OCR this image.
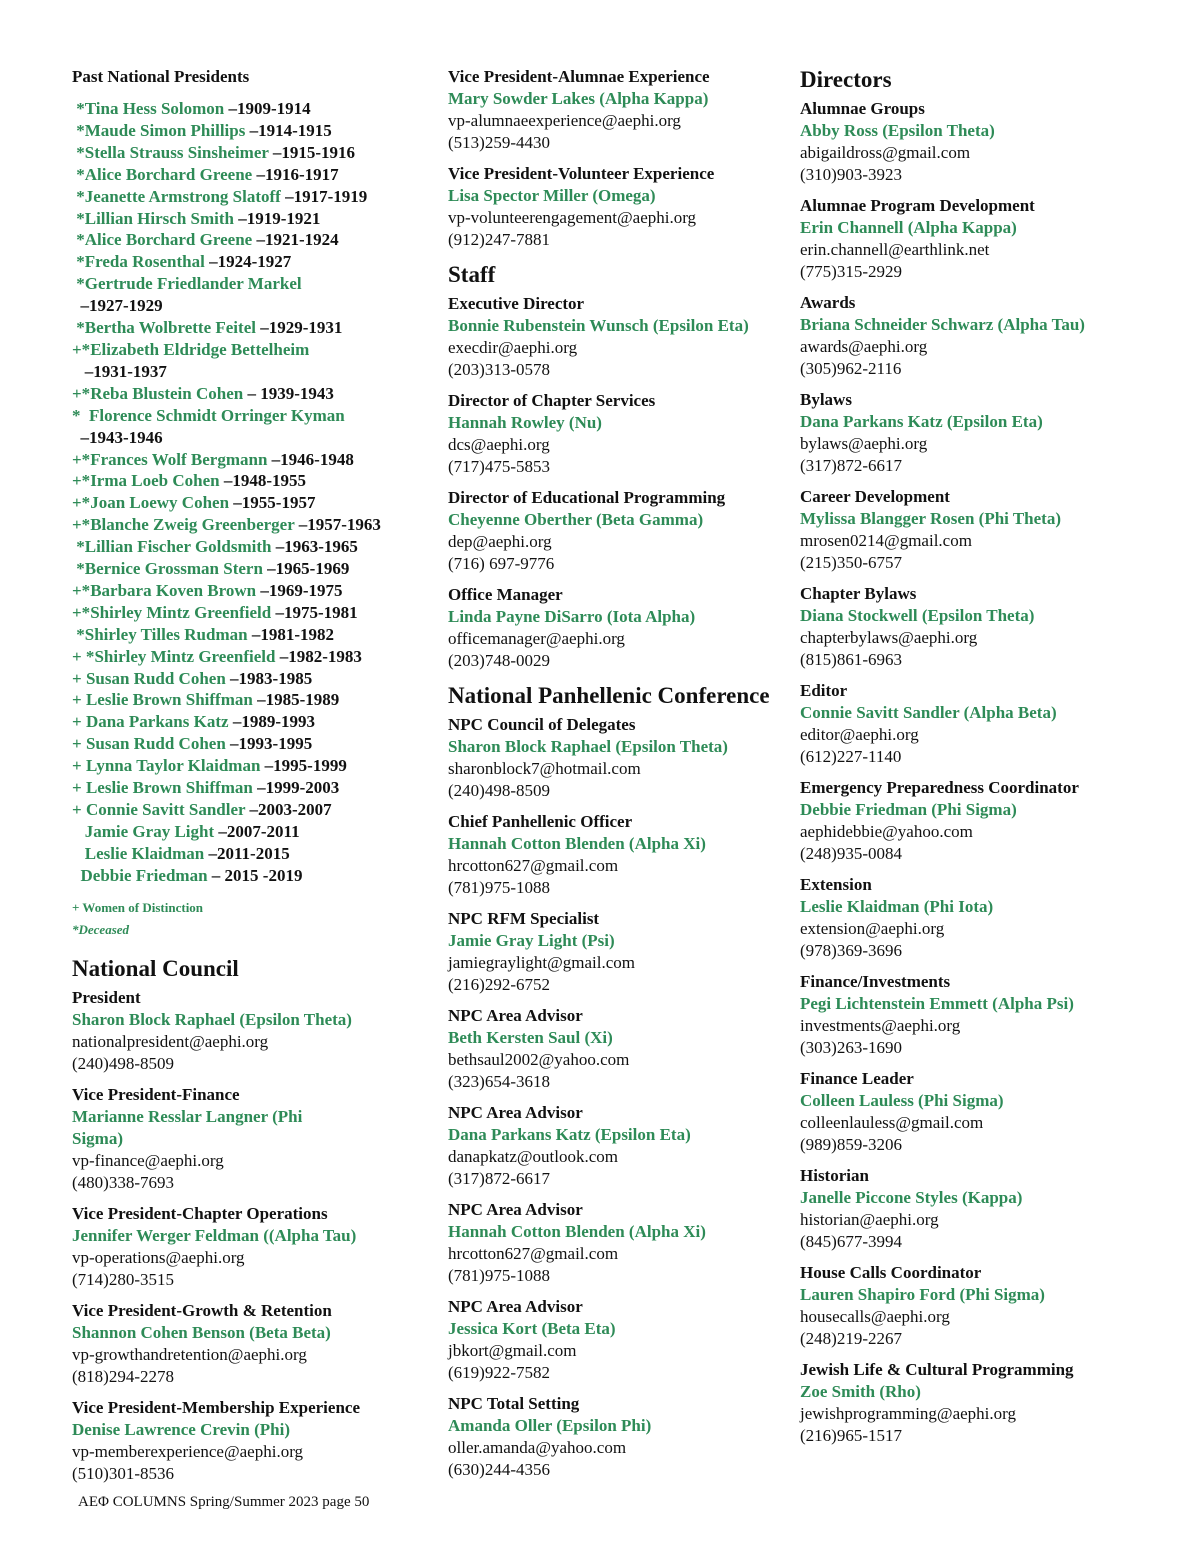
Past National Presidents
*Tina Hess Solomon –1909-1914
*Maude Simon Phillips –1914-1915
*Stella Strauss Sinsheimer –1915-1916
*Alice Borchard Greene –1916-1917
*Jeanette Armstrong Slatoff –1917-1919
*Lillian Hirsch Smith –1919-1921
*Alice Borchard Greene –1921-1924
*Freda Rosenthal –1924-1927
*Gertrude Friedlander Markel
–1927-1929
*Bertha Wolbrette Feitel –1929-1931
+*Elizabeth Eldridge Bettelheim
–1931-1937
+*Reba Blustein Cohen – 1939-1943
*  Florence Schmidt Orringer Kyman
–1943-1946
+*Frances Wolf Bergmann –1946-1948
+*Irma Loeb Cohen –1948-1955
+*Joan Loewy Cohen –1955-1957
+*Blanche Zweig Greenberger –1957-1963
*Lillian Fischer Goldsmith –1963-1965
*Bernice Grossman Stern –1965-1969
+*Barbara Koven Brown –1969-1975
+*Shirley Mintz Greenfield –1975-1981
*Shirley Tilles Rudman –1981-1982
+ *Shirley Mintz Greenfield –1982-1983
+ Susan Rudd Cohen –1983-1985
+ Leslie Brown Shiffman –1985-1989
+ Dana Parkans Katz –1989-1993
+ Susan Rudd Cohen –1993-1995
+ Lynna Taylor Klaidman –1995-1999
+ Leslie Brown Shiffman –1999-2003
+ Connie Savitt Sandler –2003-2007
Jamie Gray Light –2007-2011
Leslie Klaidman –2011-2015
Debbie Friedman – 2015 -2019
+ Women of Distinction
*Deceased
National Council
President
Sharon Block Raphael (Epsilon Theta)
nationalpresident@aephi.org
(240)498-8509
Vice President-Finance
Marianne Resslar Langner (Phi
Sigma)
vp-finance@aephi.org
(480)338-7693
Vice President-Chapter Operations
Jennifer Werger Feldman ((Alpha Tau)
vp-operations@aephi.org
(714)280-3515
Vice President-Growth & Retention
Shannon Cohen Benson (Beta Beta)
vp-growthandretention@aephi.org
(818)294-2278
Vice President-Membership Experience
Denise Lawrence Crevin (Phi)
vp-memberexperience@aephi.org
(510)301-8536
Vice President-Alumnae Experience
Mary Sowder Lakes (Alpha Kappa)
vp-alumnaeexperience@aephi.org
(513)259-4430
Vice President-Volunteer Experience
Lisa Spector Miller (Omega)
vp-volunteerengagement@aephi.org
(912)247-7881
Staff
Executive Director
Bonnie Rubenstein Wunsch (Epsilon Eta)
execdir@aephi.org
(203)313-0578
Director of Chapter Services
Hannah Rowley (Nu)
dcs@aephi.org
(717)475-5853
Director of Educational Programming
Cheyenne Oberther (Beta Gamma)
dep@aephi.org
(716) 697-9776
Office Manager
Linda Payne DiSarro (Iota Alpha)
officemanager@aephi.org
(203)748-0029
National Panhellenic Conference
NPC Council of Delegates
Sharon Block Raphael (Epsilon Theta)
sharonblock7@hotmail.com
(240)498-8509
Chief Panhellenic Officer
Hannah Cotton Blenden (Alpha Xi)
hrcotton627@gmail.com
(781)975-1088
NPC RFM Specialist
Jamie Gray Light (Psi)
jamiegraylight@gmail.com
(216)292-6752
NPC Area Advisor
Beth Kersten Saul (Xi)
bethsaul2002@yahoo.com
(323)654-3618
NPC Area Advisor
Dana Parkans Katz (Epsilon Eta)
danapkatz@outlook.com
(317)872-6617
NPC Area Advisor
Hannah Cotton Blenden (Alpha Xi)
hrcotton627@gmail.com
(781)975-1088
NPC Area Advisor
Jessica Kort (Beta Eta)
jbkort@gmail.com
(619)922-7582
NPC Total Setting
Amanda Oller (Epsilon Phi)
oller.amanda@yahoo.com
(630)244-4356
Directors
Alumnae Groups
Abby Ross (Epsilon Theta)
abigaildross@gmail.com
(310)903-3923
Alumnae Program Development
Erin Channell (Alpha Kappa)
erin.channell@earthlink.net
(775)315-2929
Awards
Briana Schneider Schwarz (Alpha Tau)
awards@aephi.org
(305)962-2116
Bylaws
Dana Parkans Katz (Epsilon Eta)
bylaws@aephi.org
(317)872-6617
Career Development
Mylissa Blangger Rosen (Phi Theta)
mrosen0214@gmail.com
(215)350-6757
Chapter Bylaws
Diana Stockwell (Epsilon Theta)
chapterbylaws@aephi.org
(815)861-6963
Editor
Connie Savitt Sandler (Alpha Beta)
editor@aephi.org
(612)227-1140
Emergency Preparedness Coordinator
Debbie Friedman (Phi Sigma)
aephidebbie@yahoo.com
(248)935-0084
Extension
Leslie Klaidman (Phi Iota)
extension@aephi.org
(978)369-3696
Finance/Investments
Pegi Lichtenstein Emmett (Alpha Psi)
investments@aephi.org
(303)263-1690
Finance Leader
Colleen Lauless (Phi Sigma)
colleenlauless@gmail.com
(989)859-3206
Historian
Janelle Piccone Styles (Kappa)
historian@aephi.org
(845)677-3994
House Calls Coordinator
Lauren Shapiro Ford (Phi Sigma)
housecalls@aephi.org
(248)219-2267
Jewish Life & Cultural Programming
Zoe Smith (Rho)
jewishprogramming@aephi.org
(216)965-1517
ΑΕΦ COLUMNS Spring/Summer 2023 page 50
